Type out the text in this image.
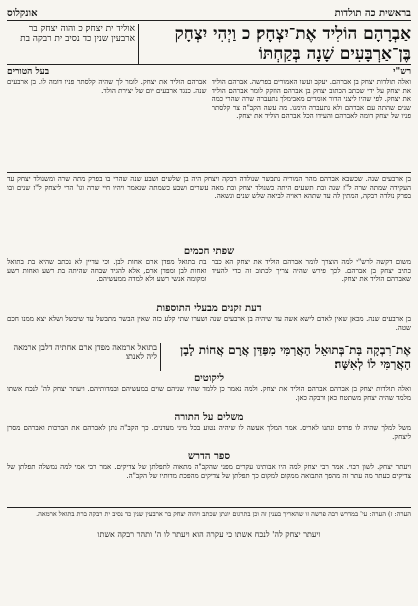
בראשית כה תולדות
אונקלוס
אַבְרָהָם הוֹלִיד אֶת־יִצְחָק׃ כ וַיְהִי יִצְחָק בֶּן־אַרְבָּעִים שָׁנָה בְּקַחְתּוֹ
אוליד ית יצחק׃ כ והוה יצחק בר ארבעין שנין כד נסיב ית רבקה בת
רש"י
בעל הטורים
ואלה תולדות יצחק בן אברהם. יעקב ועשו האמורים בפרשה. אברהם הוליד את יצחק על ידי שכתב הכתוב יצחק בן אברהם הוזקק לומר אברהם הוליד את יצחק. לפי שהיו ליצני הדור אומרים מאבימלך נתעברה שרה שהרי כמה שנים שהתה עם אברהם ולא נתעברה הימנו. מה עשה הקב"ה צר קלסתר פניו של יצחק דומה לאברהם והעידו הכל אברהם הוליד את יצחק.
אברהם הוליד את יצחק. לומר לך שהיה קלסתר פניו דומה לו. בן ארבעים שנה. כנגד ארבעים יום של יצירת הולד.
בן ארבעים שנה. שכשבא אברהם מהר המוריה נתבשר שנולדה רבקה ויצחק היה בן שלשים ושבע שנה שהרי בו בפרק מתה שרה ומשנולד יצחק עד העקידה שמתה שרה ל"ז שנה ובת תשעים היתה כשנולד יצחק ובת מאה עשרים ושבע כשמתה שנאמר ויהיו חיי שרה וגו' הרי ליצחק ל"ז שנים ובו בפרק נולדה רבקה, המתין לה עד שתהא ראויה לביאה שלש שנים ונשאה.
שפתי חכמים
משום דקשה לרש"י למה הוצרך לומר אברהם הוליד את יצחק הא כבר כתיב יצחק בן אברהם. לכך פירש שהיה צריך לכתוב זה כדי להעיד שאברהם הוליד את יצחק.
בת בתואל מפדן ארם אחות לבן. וכי עדיין לא נכתב שהיא בת בתואל ואחות לבן ומפדן ארם, אלא להגיד שבחה שהיתה בת רשע ואחות רשע ומקומה אנשי רשע ולא למדה ממעשיהם.
דעת זקנים מבעלי התוספות
בן ארבעים שנה. מכאן שאין לאדם לישא אשה עד שיהיה בן ארבעים שנה ושערו שתי קלע כזה שאין הבשר מתבשל עד שיבשל ושלא יצא ממנו חכם שטה.
אֶת־רִבְקָה בַּת־בְּתוּאֵל הָאֲרַמִּי מִפַּדַּן אֲרָם אֲחוֹת לָבָן הָאֲרַמִּי לוֹ לְאִשָּׁה׃
בתואל ארמאה מפדן ארם אחתיה דלבן ארמאה ליה לאנתו׃
ליקוטים
ואלה תולדות יצחק בן אברהם אברהם הוליד את יצחק. ולמה נאמר כן ללמד שהיו שניהם שוים במעשיהם ובמדותיהם. ויעתר יצחק לה' לנכח אשתו מלמד שהיה יצחק משתטח כאן ורבקה כאן.
משלים על התורה
משל למלך שהיה לו פרדס ונתנו לאריס. אמר המלך אעשה לו שיהיה נטוע בכל מיני מעדנים. כך הקב"ה נתן לאברהם את הברכות ואברהם מסרן ליצחק.
ספר הדרש
ויעתר יצחק. לשון רבוי. אמר רבי יצחק למה היו אבותינו עקרים מפני שהקב"ה מתאוה לתפלתן של צדיקים. אמר רבי אמי למה נמשלה תפלתן של צדיקים כעתר מה עתר זה מהפך התבואה ממקום למקום כך תפלתן של צדיקים מהפכת מדותיו של הקב"ה.
הערה: ז) הערה: עי' במדרש רבה פרשה זו שהאריך בענין זה וכן בתרגום יונתן שכתב ויהוה יצחק בר ארבעין שנין כד נסיב ית רבקה ברת בתואל ארמאה.
ויעתר יצחק לה' לנכח אשתו כי עקרה הוא ויעתר לו ה' ותהר רבקה אשתו
